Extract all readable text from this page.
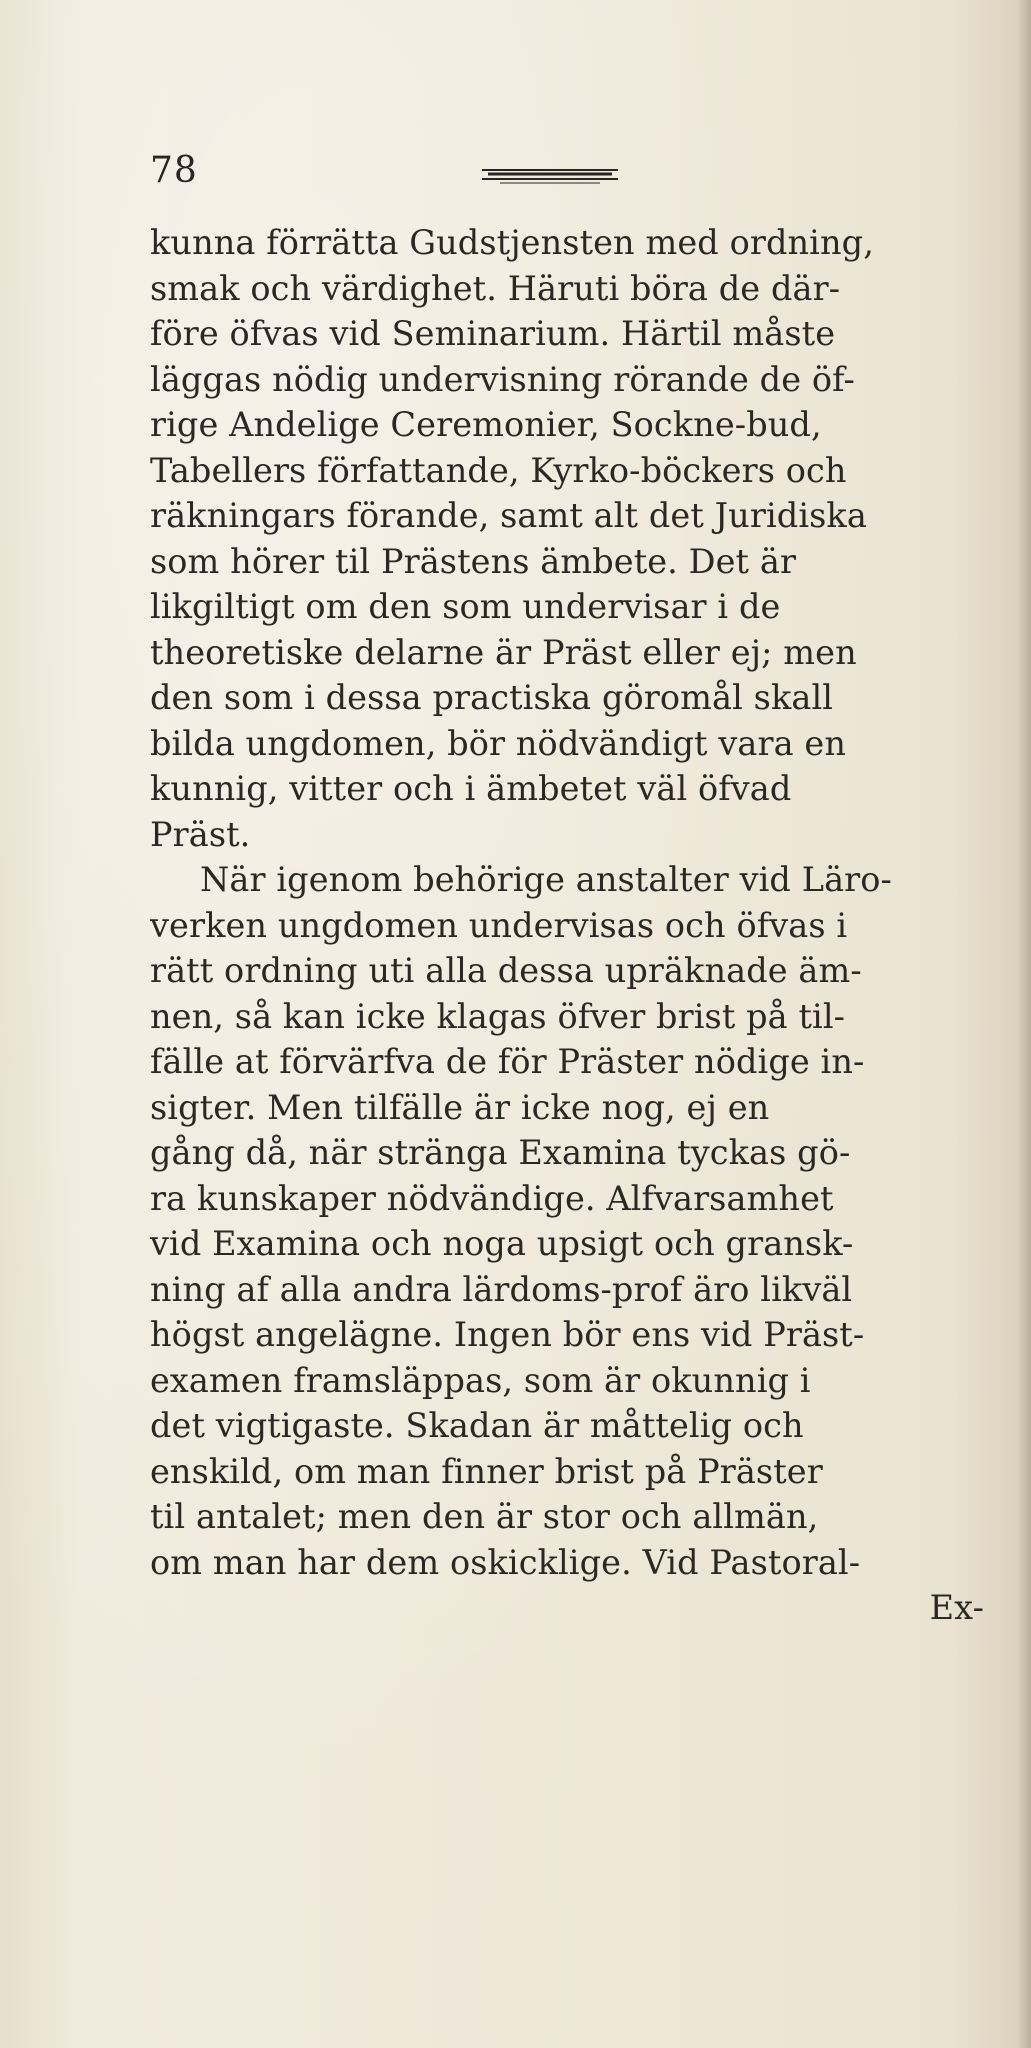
78
kunna förrätta Gudstjensten med ordning,
smak och värdighet. Häruti böra de där-
före öfvas vid Seminarium. Härtil måste
läggas nödig undervisning rörande de öf-
rige Andelige Ceremonier, Sockne-bud,
Tabellers författande, Kyrko-böckers och
räkningars förande, samt alt det Juridiska
som hörer til Prästens ämbete. Det är
likgiltigt om den som undervisar i de
theoretiske delarne är Präst eller ej; men
den som i dessa practiska göromål skall
bilda ungdomen, bör nödvändigt vara en
kunnig, vitter och i ämbetet väl öfvad
Präst.
När igenom behörige anstalter vid Läro-
verken ungdomen undervisas och öfvas i
rätt ordning uti alla dessa upräknade äm-
nen, så kan icke klagas öfver brist på til-
fälle at förvärfva de för Präster nödige in-
sigter. Men tilfälle är icke nog, ej en
gång då, när stränga Examina tyckas gö-
ra kunskaper nödvändige. Alfvarsamhet
vid Examina och noga upsigt och gransk-
ning af alla andra lärdoms-prof äro likväl
högst angelägne. Ingen bör ens vid Präst-
examen framsläppas, som är okunnig i
det vigtigaste. Skadan är måttelig och
enskild, om man finner brist på Präster
til antalet; men den är stor och allmän,
om man har dem oskicklige. Vid Pastoral-
Ex-
